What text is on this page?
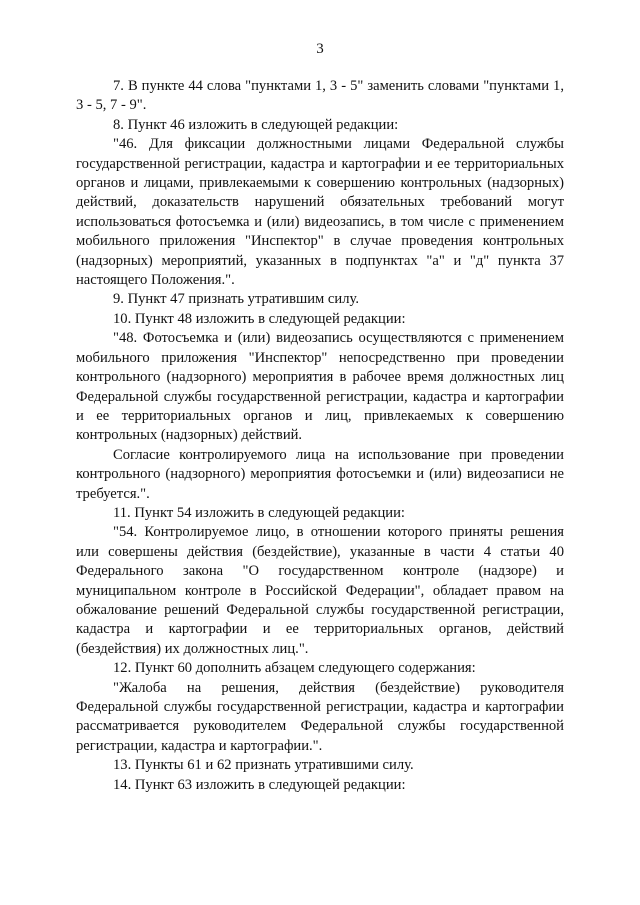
3

7. В пункте 44 слова "пунктами 1, 3 - 5" заменить словами "пунктами 1, 3 - 5, 7 - 9".

8. Пункт 46 изложить в следующей редакции:

"46. Для фиксации должностными лицами Федеральной службы государственной регистрации, кадастра и картографии и ее территориальных органов и лицами, привлекаемыми к совершению контрольных (надзорных) действий, доказательств нарушений обязательных требований могут использоваться фотосъемка и (или) видеозапись, в том числе с применением мобильного приложения "Инспектор" в случае проведения контрольных (надзорных) мероприятий, указанных в подпунктах "а" и "д" пункта 37 настоящего Положения.".

9. Пункт 47 признать утратившим силу.

10. Пункт 48 изложить в следующей редакции:

"48. Фотосъемка и (или) видеозапись осуществляются с применением мобильного приложения "Инспектор" непосредственно при проведении контрольного (надзорного) мероприятия в рабочее время должностных лиц Федеральной службы государственной регистрации, кадастра и картографии и ее территориальных органов и лиц, привлекаемых к совершению контрольных (надзорных) действий.

Согласие контролируемого лица на использование при проведении контрольного (надзорного) мероприятия фотосъемки и (или) видеозаписи не требуется.".

11. Пункт 54 изложить в следующей редакции:

"54. Контролируемое лицо, в отношении которого приняты решения или совершены действия (бездействие), указанные в части 4 статьи 40 Федерального закона "О государственном контроле (надзоре) и муниципальном контроле в Российской Федерации", обладает правом на обжалование решений Федеральной службы государственной регистрации, кадастра и картографии и ее территориальных органов, действий (бездействия) их должностных лиц.".

12. Пункт 60 дополнить абзацем следующего содержания:

"Жалоба на решения, действия (бездействие) руководителя Федеральной службы государственной регистрации, кадастра и картографии рассматривается руководителем Федеральной службы государственной регистрации, кадастра и картографии.".

13. Пункты 61 и 62 признать утратившими силу.

14. Пункт 63 изложить в следующей редакции:
